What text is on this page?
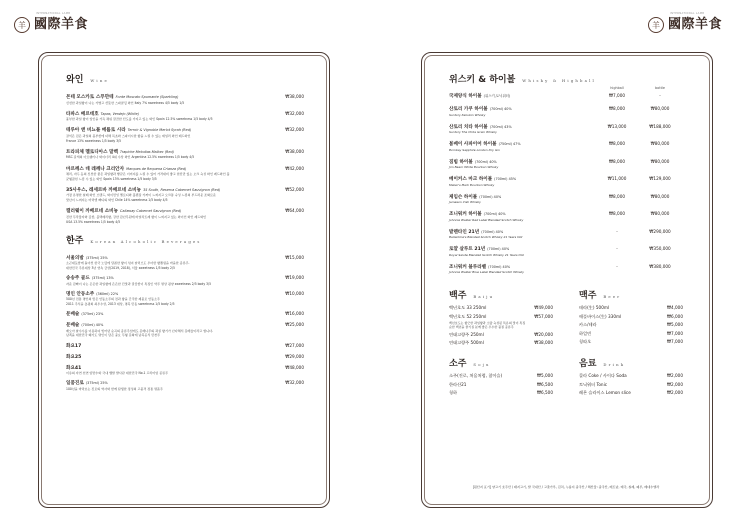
羊 國際羊食
INTERNATIONAL LAMB
羊 國際羊食
INTERNATIONAL LAMB
와인 Wine
몬테 모스카토 스푸만테 Fonte Moscato Spumante (Sparkling)	₩38,000
신선한 과일향이 나는 가볍고 산뜻한 스파클링 와인 Italy 7% sweetness 4/5 body 1/5
타파스 베르데호 Tapas, Verdejo (White)	₩32,000
풍부한 과일 향이 입안을 가득 채워 깔끔한 산도를 가지고 있는 와인 Spain 12.5% sweetness 1/5 body 4/5
테루아 앤 비뇨블 메를로 시라 Terroir & Vignoble Merlot Syrah (Red)	₩32,000
잘익은 검은 과일의 풍부함에 더해 목초와 스파이시한 향을 느낄 수 있는 데일리 와인 레드와인
France 13% sweetness 1/5 body 3/5
트라피체 멜로디아스 말벡 Trapiche Melodias Malbec (Red)	₩38,000
MSC 갈색의 아르헨티나 와이너리 4위 수상 와인 Argentina 12.5% sweetness 1/5 body 4/5
마르께스 데 레께나 크리안자 Marques de Requena Crianza (Red)	₩42,000
체리, 자두 등의 신선한 붉은 과일향과 빵같은 이미지를 느낄 수 있어 가격대비 좋고 한잔만 있는 오크 숙성 와인 레드와인 풀
균형잡힌 느낌 수 있는 와인 Spain 13% sweetness 1/5 body 3/5
35사우스, 레세르바 까베르네 소비뇽 35 South, Reserva Cabernet Sauvignon (Red)	₩52,000
가장 유명한 칠레 와인 브랜드, 와이먼잉 멜로디와 볼펜잡 가까이 느껴지고 오크통 숙성 느낌의 부드러운 조화로운
맛난이 느껴지는 마리엔 빠디의 와인 Chile 14% sweetness 1/5 body 4/5
캘러웨이 까베르네 소비뇽 Callaway Cabernet Sauvignon (Red)	₩64,000
진한 무작물자와 깊함, 블랙베리향, 강한 감난무원에 바닐라트레 향이 느껴지고 있는 와이인 와인 레드와인
USA 13.5% sweetness 1/5 body 4/5
한주 Korean Alcoholic Beverages
서울의밤 (375ml) 25%	₩15,000
소곤대듯함에 돌아선 한국 노랑에 달콤한 향이 섞여 슬리브도 우아한 향뽐냄을 마을한 증류주.
대한민국 주류대상 3년 연속 금상(2019, 2018), 서울 sweetness 1/5 body 2/5
송송주 골드 (375ml) 13%	₩19,000
자운 감빠이 나는 은은한 과일향에 은은한 단맛과 깔끔함이 특징인 약주 명상 평양 sweetness 2/5 body 3/5
명인 안동소주 (360ml) 22%	₩10,000
500년 전통 명인의 맛은 안동소주의 전과 향을 간직한 제품로 안동소주
2011 주식을 총평회 최우수상, 2013 대상, 명북 만동 sweetness 1/5 body 2/5
문배술 (375ml) 23%	₩16,000
문배술 (700ml) 40%	₩25,000
배오아 찰수수를 이용하여 빚어낸 순곡의 증류주입에도 문배나무의 과실 향기가 난다해서 문배술이라고 합니다.
남쪽을 대한민국 왜가도 명인이 담은 중요 무형 문화재 남북공식 만찬주
화요17	₩27,000
화요25	₩29,000
화요41	₩48,000
이유의 자연 천연 암반수와 국내 햅쌀 발사판 대한민국 No.1 프리미엄 증류주
일품진로 (375ml) 25%	₩32,000
100년을 바라보는 진로의 역사와 함께 탄생한 정성의 고품격 정통 명품주
위스키 & 하이볼 Whisky & Highball
highball	bottle
국제양식 하이볼 (위스키,토닉워터)	₩7,000	-
산토리 가쿠 하이볼 (700ml) 40%
Suntory Kakubin Whisky
₩8,000	₩80,000
산토리 치타 하이볼 (700ml) 43%
Suntory The Chita Grain Whisky
₩13,000	₩188,000
봄베이 사파이어 하이볼 (750ml) 47%
Bombay Sapphire London Dry Gin
₩8,000	₩80,000
짐빔 하이볼 (700ml) 40%
Jim Beam White Bourbon Whisky
₩8,000	₩80,000
메이커스 마크 하이볼 (700ml) 45%
Maker's Mark Bourbon Whisky
₩11,000	₩129,000
제임슨 하이볼 (700ml) 40%
Jameson Irish Whisky
₩8,000	₩80,000
조니워커 하이볼 (700ml) 40%
Johnnie Walker Red Label Blended Scotch Whisky
₩8,000	₩80,000
발렌타인 21년 (700ml) 40%
Ballantine's Blended Scotch Whisky 21 Years Old
-	₩290,000
로얄 살루트 21년 (700ml) 40%
Royal Salute Blended Scotch Whisky 21 Years Old
-	₩350,000
조니워커 블루라벨 (700ml) 40%
Johnnie Walker Blue Label Blended Scotch Whisky
-	₩380,000
백주 Baiju
백년호도 33 250ml	₩49,000
백년호도 52 250ml	₩57,000
백년호도는 향긋한 과일향과 소량 숙성된 특유의 맛이 특징
순한 백년을 즐기실 분께 좋은 우수한 품질 증류주
연태고량주 250ml	₩20,000
연태고량주 500ml	₩38,000
맥주 Beer
테라(生) 500ml	₩4,000
애플바이스(生) 330ml	₩6,000
카스/테라	₩5,000
하얼빈	₩7,000
칭따오	₩7,000
소주 Soju
소주(진로, 처음처럼, 참이슬)	₩5,000
한라산21	₩6,500
청하	₩6,500
음료 Drink
콜라 Coke / 사이다 Soda	₩2,000
토닉워터 Tonic	₩2,000
레몬 슬라이스 Lemon slice	₩2,000
[원산지 표기] 양고기 호주산 / 돼지고기, 쌀 국내산 / 고춧가루, 김치, 누룽지 중국산 / 해산물: 중국산, 베트남, 태국, 칠레, 페루, 베네수엘라
